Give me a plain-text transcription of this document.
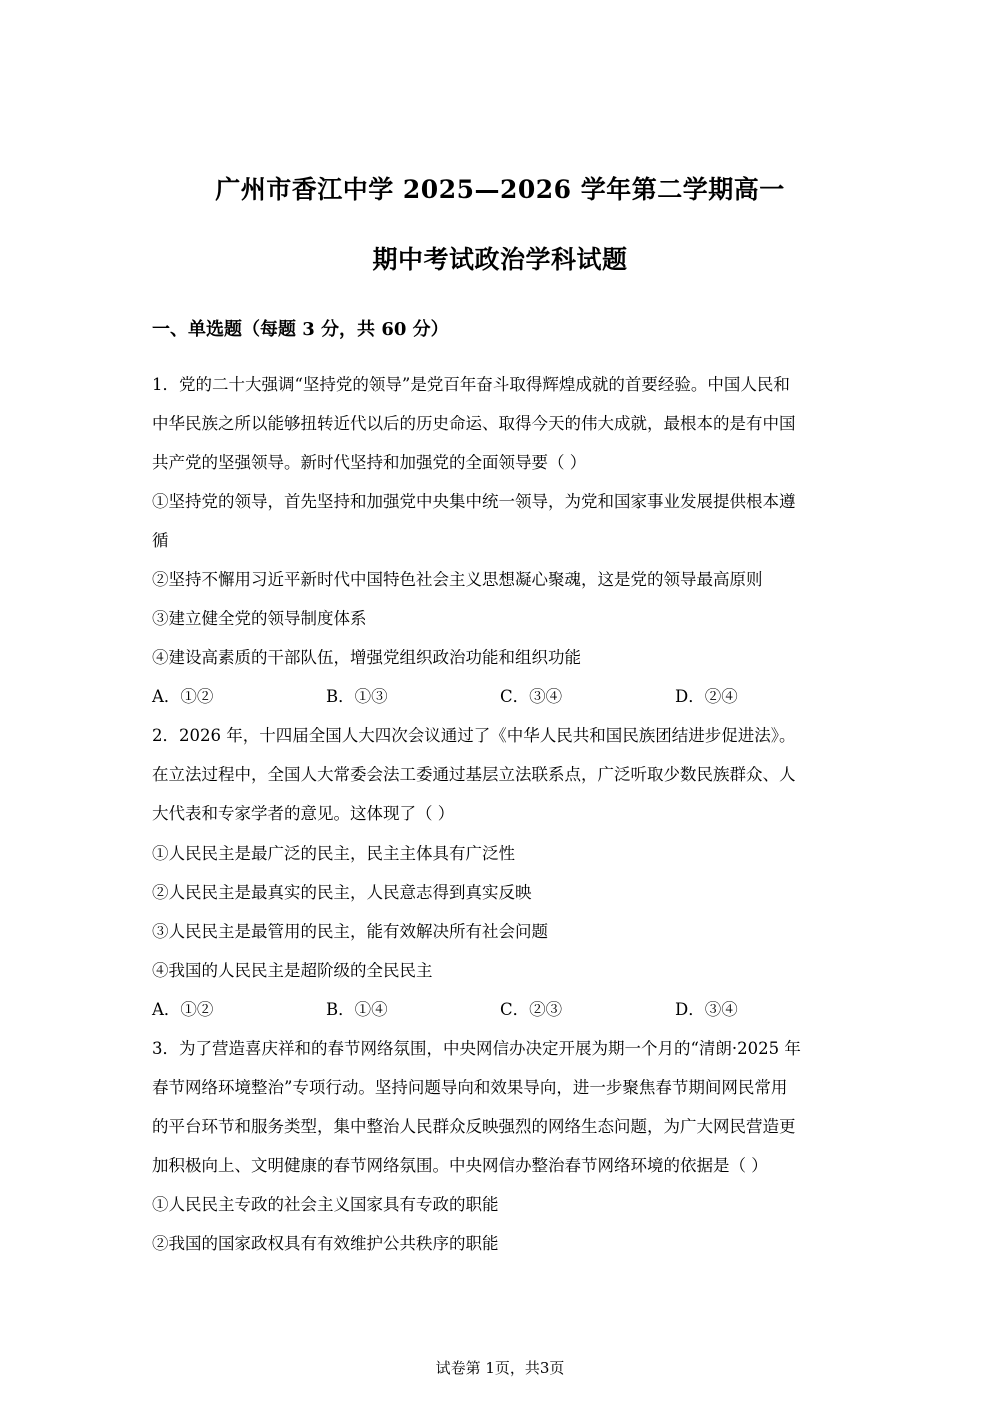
广州市香江中学 2025—2026 学年第二学期高一
期中考试政治学科试题
一、单选题（每题 3 分，共 60 分）
1．党的二十大强调“坚持党的领导”是党百年奋斗取得辉煌成就的首要经验。中国人民和
中华民族之所以能够扭转近代以后的历史命运、取得今天的伟大成就，最根本的是有中国
共产党的坚强领导。新时代坚持和加强党的全面领导要（ ）
①坚持党的领导，首先坚持和加强党中央集中统一领导，为党和国家事业发展提供根本遵
循
②坚持不懈用习近平新时代中国特色社会主义思想凝心聚魂，这是党的领导最高原则
③建立健全党的领导制度体系
④建设高素质的干部队伍，增强党组织政治功能和组织功能
A．①②	B．①③	C．③④	D．②④
2．2026 年，十四届全国人大四次会议通过了《中华人民共和国民族团结进步促进法》。
在立法过程中，全国人大常委会法工委通过基层立法联系点，广泛听取少数民族群众、人
大代表和专家学者的意见。这体现了（ ）
①人民民主是最广泛的民主，民主主体具有广泛性
②人民民主是最真实的民主，人民意志得到真实反映
③人民民主是最管用的民主，能有效解决所有社会问题
④我国的人民民主是超阶级的全民民主
A．①②	B．①④	C．②③	D．③④
3．为了营造喜庆祥和的春节网络氛围，中央网信办决定开展为期一个月的“清朗·2025 年
春节网络环境整治”专项行动。坚持问题导向和效果导向，进一步聚焦春节期间网民常用
的平台环节和服务类型，集中整治人民群众反映强烈的网络生态问题，为广大网民营造更
加积极向上、文明健康的春节网络氛围。中央网信办整治春节网络环境的依据是（ ）
①人民民主专政的社会主义国家具有专政的职能
②我国的国家政权具有有效维护公共秩序的职能
试卷第 1页，共3页
